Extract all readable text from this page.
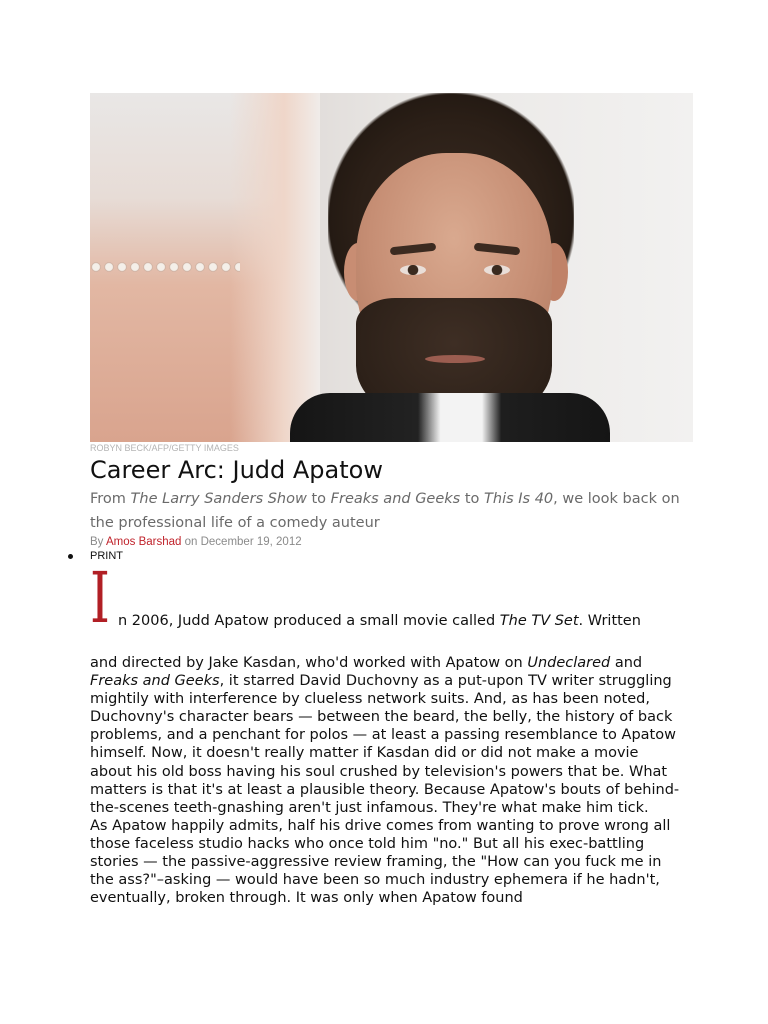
ROBYN BECK/AFP/GETTY IMAGES
Career Arc: Judd Apatow
From The Larry Sanders Show to Freaks and Geeks to This Is 40, we look back on the professional life of a comedy auteur
By Amos Barshad on December 19, 2012
PRINT
I n 2006, Judd Apatow produced a small movie called The TV Set. Written

and directed by Jake Kasdan, who'd worked with Apatow on Undeclared and Freaks and Geeks, it starred David Duchovny as a put-upon TV writer struggling mightily with interference by clueless network suits. And, as has been noted, Duchovny's character bears — between the beard, the belly, the history of back problems, and a penchant for polos — at least a passing resemblance to Apatow himself. Now, it doesn't really matter if Kasdan did or did not make a movie about his old boss having his soul crushed by television's powers that be. What matters is that it's at least a plausible theory. Because Apatow's bouts of behind-the-scenes teeth-gnashing aren't just infamous. They're what make him tick.

As Apatow happily admits, half his drive comes from wanting to prove wrong all those faceless studio hacks who once told him "no." But all his exec-battling stories — the passive-aggressive review framing, the "How can you fuck me in the ass?"–asking — would have been so much industry ephemera if he hadn't, eventually, broken through. It was only when Apatow found
